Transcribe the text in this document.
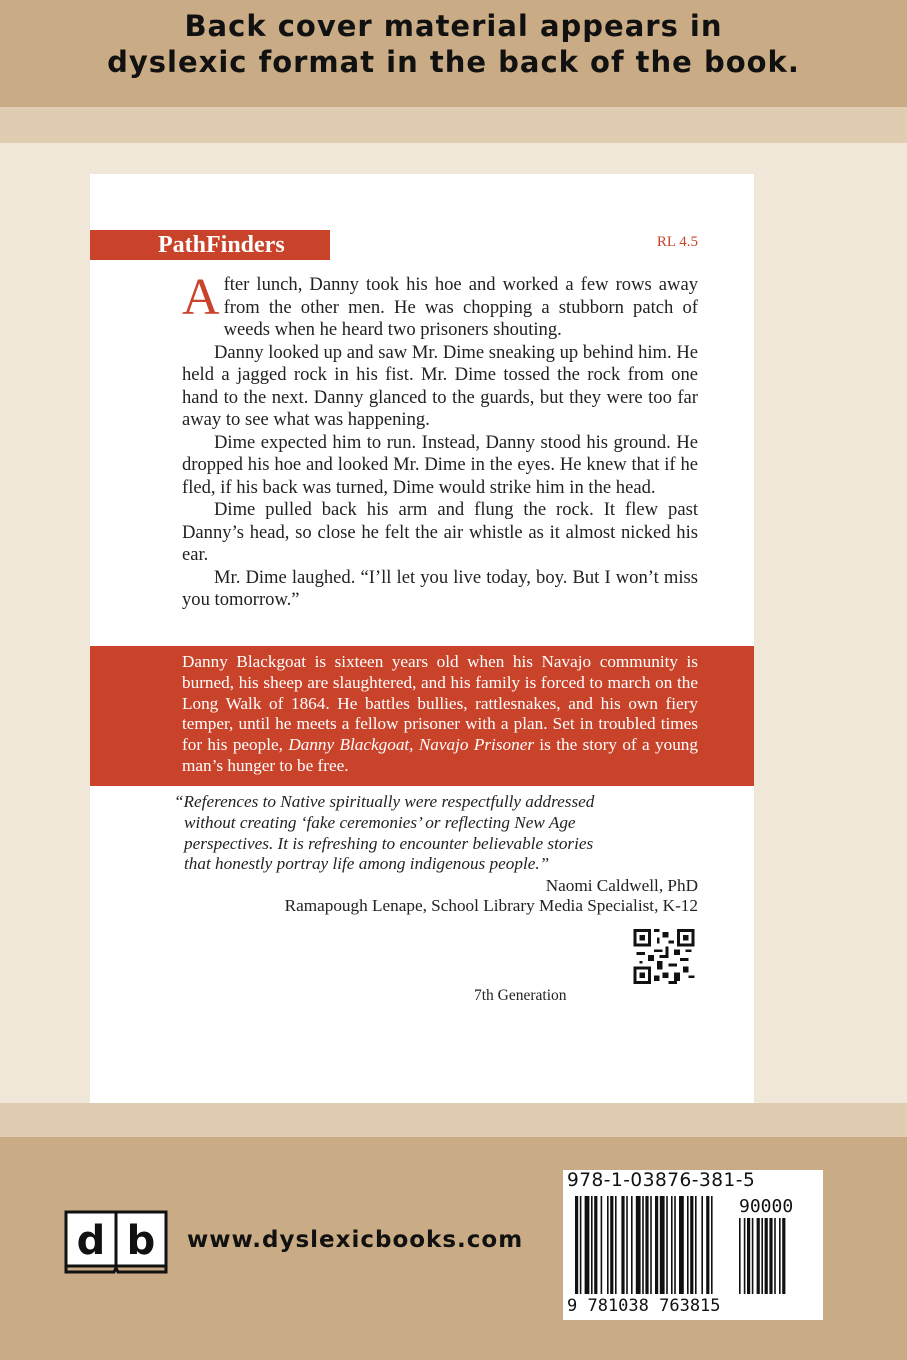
Back cover material appears in
dyslexic format in the back of the book.
PathFinders	RL 4.5

After lunch, Danny took his hoe and worked a few rows away from the other men. He was chopping a stubborn patch of weeds when he heard two prisoners shouting.

Danny looked up and saw Mr. Dime sneaking up behind him. He held a jagged rock in his fist. Mr. Dime tossed the rock from one hand to the next. Danny glanced to the guards, but they were too far away to see what was happening.

Dime expected him to run. Instead, Danny stood his ground. He dropped his hoe and looked Mr. Dime in the eyes. He knew that if he fled, if his back was turned, Dime would strike him in the head.

Dime pulled back his arm and flung the rock. It flew past Danny’s head, so close he felt the air whistle as it almost nicked his ear.

Mr. Dime laughed. “I’ll let you live today, boy. But I won’t miss you tomorrow.”

Danny Blackgoat is sixteen years old when his Navajo community is burned, his sheep are slaughtered, and his family is forced to march on the Long Walk of 1864. He battles bullies, rattlesnakes, and his own fiery temper, until he meets a fellow prisoner with a plan. Set in troubled times for his people, Danny Blackgoat, Navajo Prisoner is the story of a young man’s hunger to be free.
“References to Native spiritually were respectfully addressed
without creating ‘fake ceremonies’ or reflecting New Age
perspectives. It is refreshing to encounter believable stories
that honestly portray life among indigenous people.”
Naomi Caldwell, PhD
Ramapough Lenape, School Library Media Specialist, K-12
7th Generation
d b www.dyslexicbooks.com
978-1-03876-381-5
90000
9 781038 763815
